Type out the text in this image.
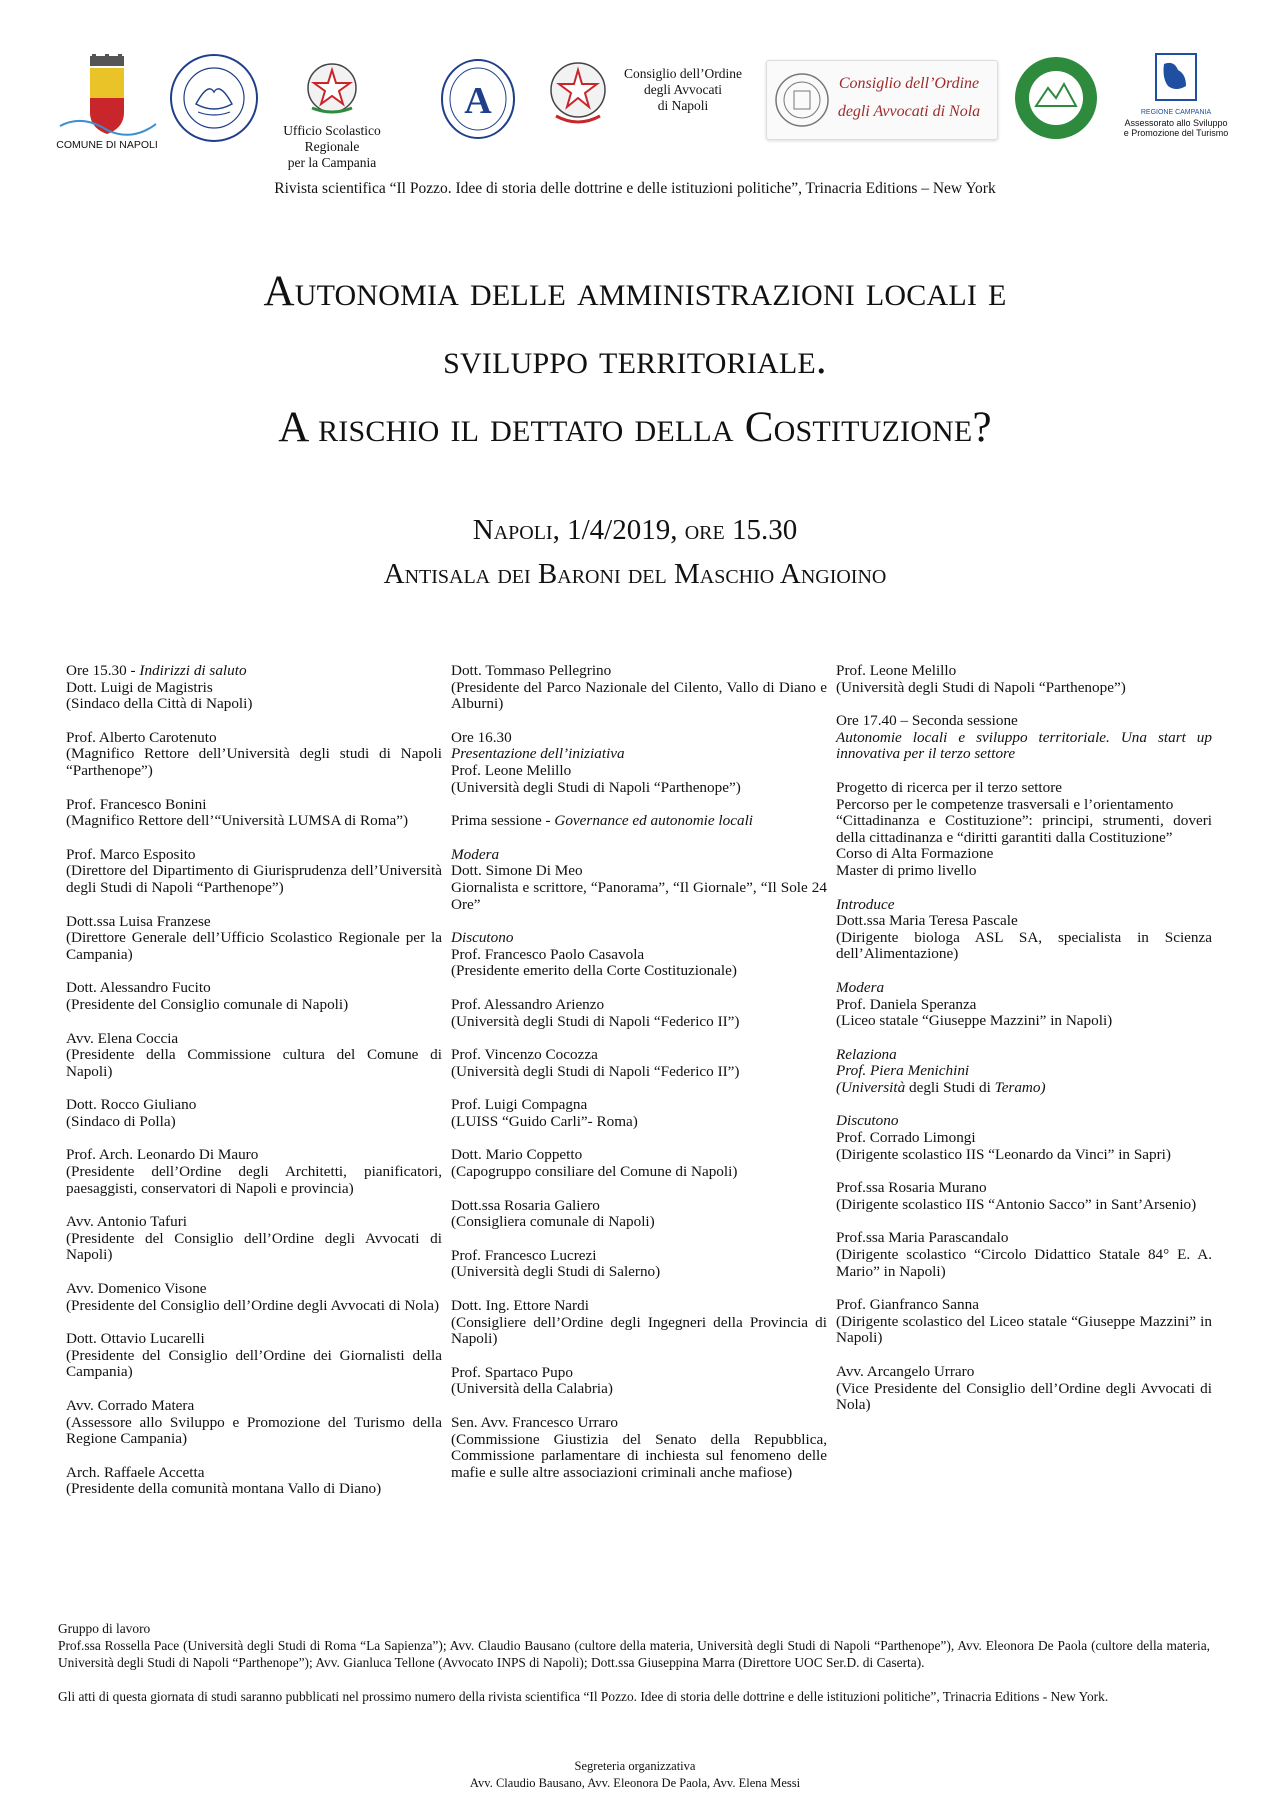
COMUNE DI NAPOLI
Ufficio Scolastico Regionale
per la Campania
A
Consiglio dell’Ordine
degli Avvocati
di Napoli
Consiglio dell’Ordine
degli Avvocati di Nola	REGIONE CAMPANIA
Assessorato allo Sviluppo
e Promozione del Turismo
Rivista scientifica “Il Pozzo. Idee di storia delle dottrine e delle istituzioni politiche”, Trinacria Editions – New York
Autonomia delle amministrazioni locali e
sviluppo territoriale.
A rischio il dettato della Costituzione?
Napoli, 1/4/2019, ore 15.30
Antisala dei Baroni del Maschio Angioino
Ore 15.30 - Indirizzi di saluto
Dott. Luigi de Magistris
(Sindaco della Città di Napoli)
Prof. Alberto Carotenuto
(Magnifico Rettore dell’Università degli studi di Napoli “Parthenope”)
Prof. Francesco Bonini
(Magnifico Rettore dell’“Università LUMSA di Roma”)
Prof. Marco Esposito
(Direttore del Dipartimento di Giurisprudenza dell’Università degli Studi di Napoli “Parthenope”)
Dott.ssa Luisa Franzese
(Direttore Generale dell’Ufficio Scolastico Regionale per la Campania)
Dott. Alessandro Fucito
(Presidente del Consiglio comunale di Napoli)
Avv. Elena Coccia
(Presidente della Commissione cultura del Comune di Napoli)
Dott. Rocco Giuliano
(Sindaco di Polla)
Prof. Arch. Leonardo Di Mauro
(Presidente dell’Ordine degli Architetti, pianificatori, paesaggisti, conservatori di Napoli e provincia)
Avv. Antonio Tafuri
(Presidente del Consiglio dell’Ordine degli Avvocati di Napoli)
Avv. Domenico Visone
(Presidente del Consiglio dell’Ordine degli Avvocati di Nola)
Dott. Ottavio Lucarelli
(Presidente del Consiglio dell’Ordine dei Giornalisti della Campania)
Avv. Corrado Matera
(Assessore allo Sviluppo e Promozione del Turismo della Regione Campania)
Arch. Raffaele Accetta
(Presidente della comunità montana Vallo di Diano)
Dott. Tommaso Pellegrino
(Presidente del Parco Nazionale del Cilento, Vallo di Diano e Alburni)
Ore 16.30
Presentazione dell’iniziativa
Prof. Leone Melillo
(Università degli Studi di Napoli “Parthenope”)
Prima sessione - Governance ed autonomie locali
Modera
Dott. Simone Di Meo
Giornalista e scrittore, “Panorama”, “Il Giornale”, “Il Sole 24 Ore”
Discutono
Prof. Francesco Paolo Casavola
(Presidente emerito della Corte Costituzionale)
Prof. Alessandro Arienzo
(Università degli Studi di Napoli “Federico II”)
Prof. Vincenzo Cocozza
(Università degli Studi di Napoli “Federico II”)
Prof. Luigi Compagna
(LUISS “Guido Carli”- Roma)
Dott. Mario Coppetto
(Capogruppo consiliare del Comune di Napoli)
Dott.ssa Rosaria Galiero
(Consigliera comunale di Napoli)
Prof. Francesco Lucrezi
(Università degli Studi di Salerno)
Dott. Ing. Ettore Nardi
(Consigliere dell’Ordine degli Ingegneri della Provincia di Napoli)
Prof. Spartaco Pupo
(Università della Calabria)
Sen. Avv. Francesco Urraro
(Commissione Giustizia del Senato della Repubblica, Commissione parlamentare di inchiesta sul fenomeno delle mafie e sulle altre associazioni criminali anche mafiose)
Prof. Leone Melillo
(Università degli Studi di Napoli “Parthenope”)
Ore 17.40 – Seconda sessione
Autonomie locali e sviluppo territoriale. Una start up innovativa per il terzo settore
Progetto di ricerca per il terzo settore
Percorso per le competenze trasversali e l’orientamento
“Cittadinanza e Costituzione”: principi, strumenti, doveri della cittadinanza e “diritti garantiti dalla Costituzione”
Corso di Alta Formazione
Master di primo livello
Introduce
Dott.ssa Maria Teresa Pascale
(Dirigente biologa ASL SA, specialista in Scienza dell’Alimentazione)
Modera
Prof. Daniela Speranza
(Liceo statale “Giuseppe Mazzini” in Napoli)
Relaziona
Prof. Piera Menichini
(Università degli Studi di Teramo)
Discutono
Prof. Corrado Limongi
(Dirigente scolastico IIS “Leonardo da Vinci” in Sapri)
Prof.ssa Rosaria Murano
(Dirigente scolastico IIS “Antonio Sacco” in Sant’Arsenio)
Prof.ssa Maria Parascandalo
(Dirigente scolastico “Circolo Didattico Statale 84° E. A. Mario” in Napoli)
Prof. Gianfranco Sanna
(Dirigente scolastico del Liceo statale “Giuseppe Mazzini” in Napoli)
Avv. Arcangelo Urraro
(Vice Presidente del Consiglio dell’Ordine degli Avvocati di Nola)
Gruppo di lavoro

Prof.ssa Rossella Pace (Università degli Studi di Roma “La Sapienza”); Avv. Claudio Bausano (cultore della materia, Università degli Studi di Napoli “Parthenope”), Avv. Eleonora De Paola (cultore della materia, Università degli Studi di Napoli “Parthenope”); Avv. Gianluca Tellone (Avvocato INPS di Napoli); Dott.ssa Giuseppina Marra (Direttore UOC Ser.D. di Caserta).

Gli atti di questa giornata di studi saranno pubblicati nel prossimo numero della rivista scientifica “Il Pozzo. Idee di storia delle dottrine e delle istituzioni politiche”, Trinacria Editions - New York.

Segreteria organizzativa
Avv. Claudio Bausano, Avv. Eleonora De Paola, Avv. Elena Messi
